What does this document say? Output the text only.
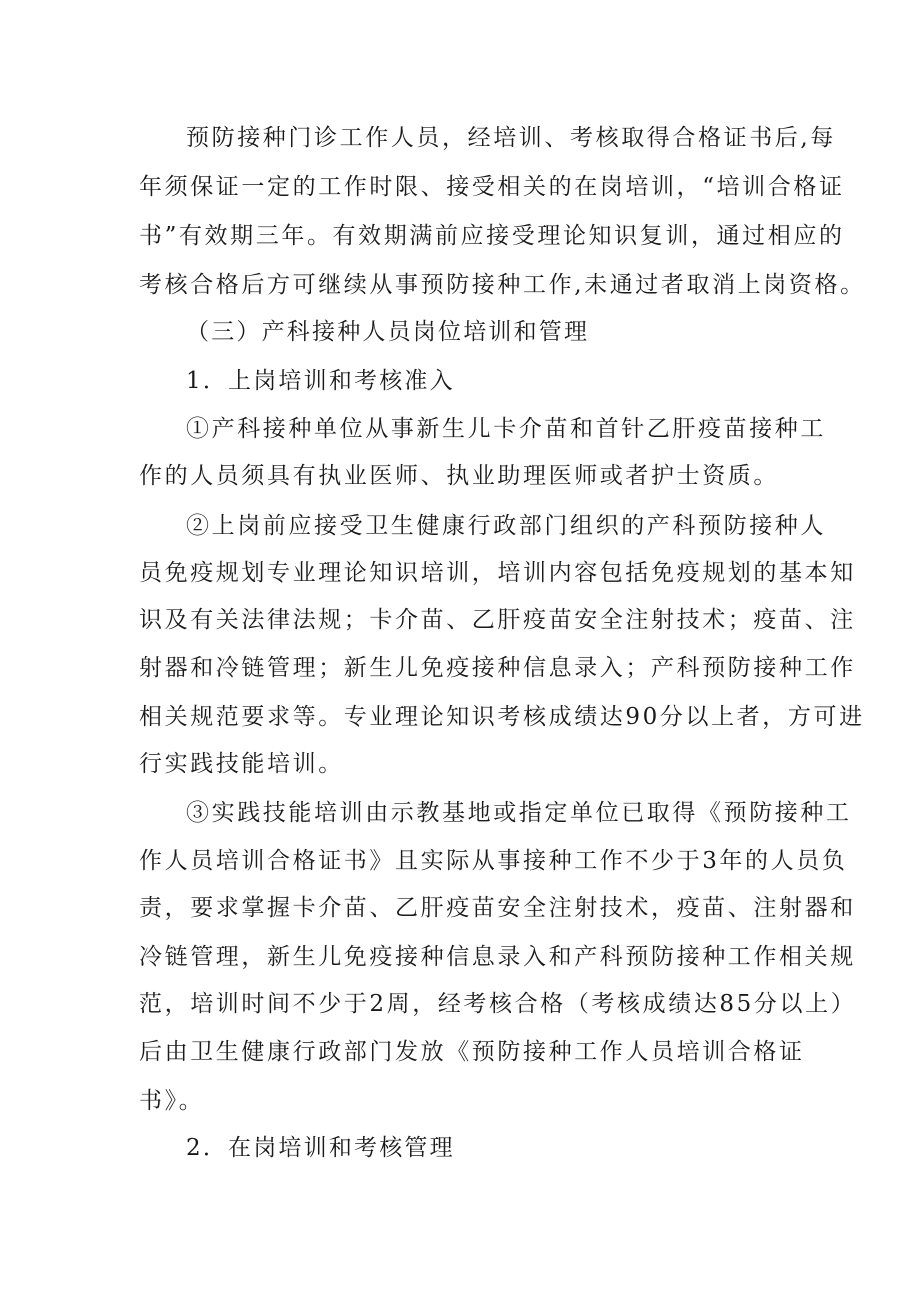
预防接种门诊工作人员，经培训、考核取得合格证书后,每
年须保证一定的工作时限、接受相关的在岗培训，“培训合格证
书”有效期三年。有效期满前应接受理论知识复训，通过相应的
考核合格后方可继续从事预防接种工作,未通过者取消上岗资格。
（三）产科接种人员岗位培训和管理
1．上岗培训和考核准入
①产科接种单位从事新生儿卡介苗和首针乙肝疫苗接种工
作的人员须具有执业医师、执业助理医师或者护士资质。
②上岗前应接受卫生健康行政部门组织的产科预防接种人
员免疫规划专业理论知识培训，培训内容包括免疫规划的基本知
识及有关法律法规；卡介苗、乙肝疫苗安全注射技术；疫苗、注
射器和冷链管理；新生儿免疫接种信息录入；产科预防接种工作
相关规范要求等。专业理论知识考核成绩达90分以上者，方可进
行实践技能培训。
③实践技能培训由示教基地或指定单位已取得《预防接种工
作人员培训合格证书》且实际从事接种工作不少于3年的人员负
责，要求掌握卡介苗、乙肝疫苗安全注射技术，疫苗、注射器和
冷链管理，新生儿免疫接种信息录入和产科预防接种工作相关规
范，培训时间不少于2周，经考核合格（考核成绩达85分以上）
后由卫生健康行政部门发放《预防接种工作人员培训合格证
书》。
2．在岗培训和考核管理
